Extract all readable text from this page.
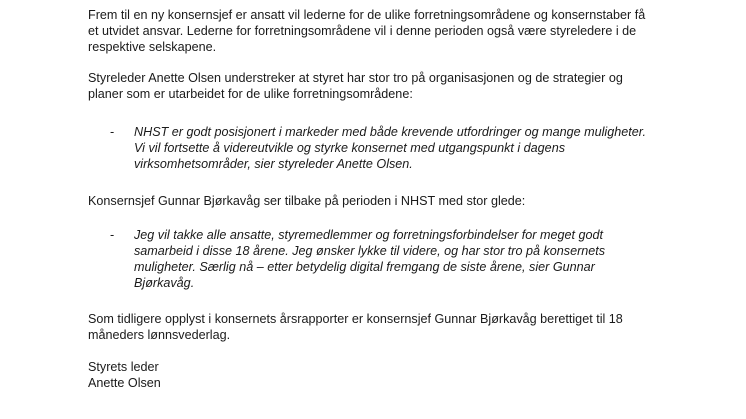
Frem til en ny konsernsjef er ansatt vil lederne for de ulike forretningsområdene og konsernstaber få
et utvidet ansvar. Lederne for forretningsområdene vil i denne perioden også være styreledere i de
respektive selskapene.
Styreleder Anette Olsen understreker at styret har stor tro på organisasjonen og de strategier og
planer som er utarbeidet for de ulike forretningsområdene:
- NHST er godt posisjonert i markeder med både krevende utfordringer og mange muligheter.
Vi vil fortsette å videreutvikle og styrke konsernet med utgangspunkt i dagens
virksomhetsområder, sier styreleder Anette Olsen.
Konsernsjef Gunnar Bjørkavåg ser tilbake på perioden i NHST med stor glede:
- Jeg vil takke alle ansatte, styremedlemmer og forretningsforbindelser for meget godt
samarbeid i disse 18 årene. Jeg ønsker lykke til videre, og har stor tro på konsernets
muligheter. Særlig nå – etter betydelig digital fremgang de siste årene, sier Gunnar
Bjørkavåg.
Som tidligere opplyst i konsernets årsrapporter er konsernsjef Gunnar Bjørkavåg berettiget til 18
måneders lønnsvederlag.
Styrets leder
Anette Olsen
